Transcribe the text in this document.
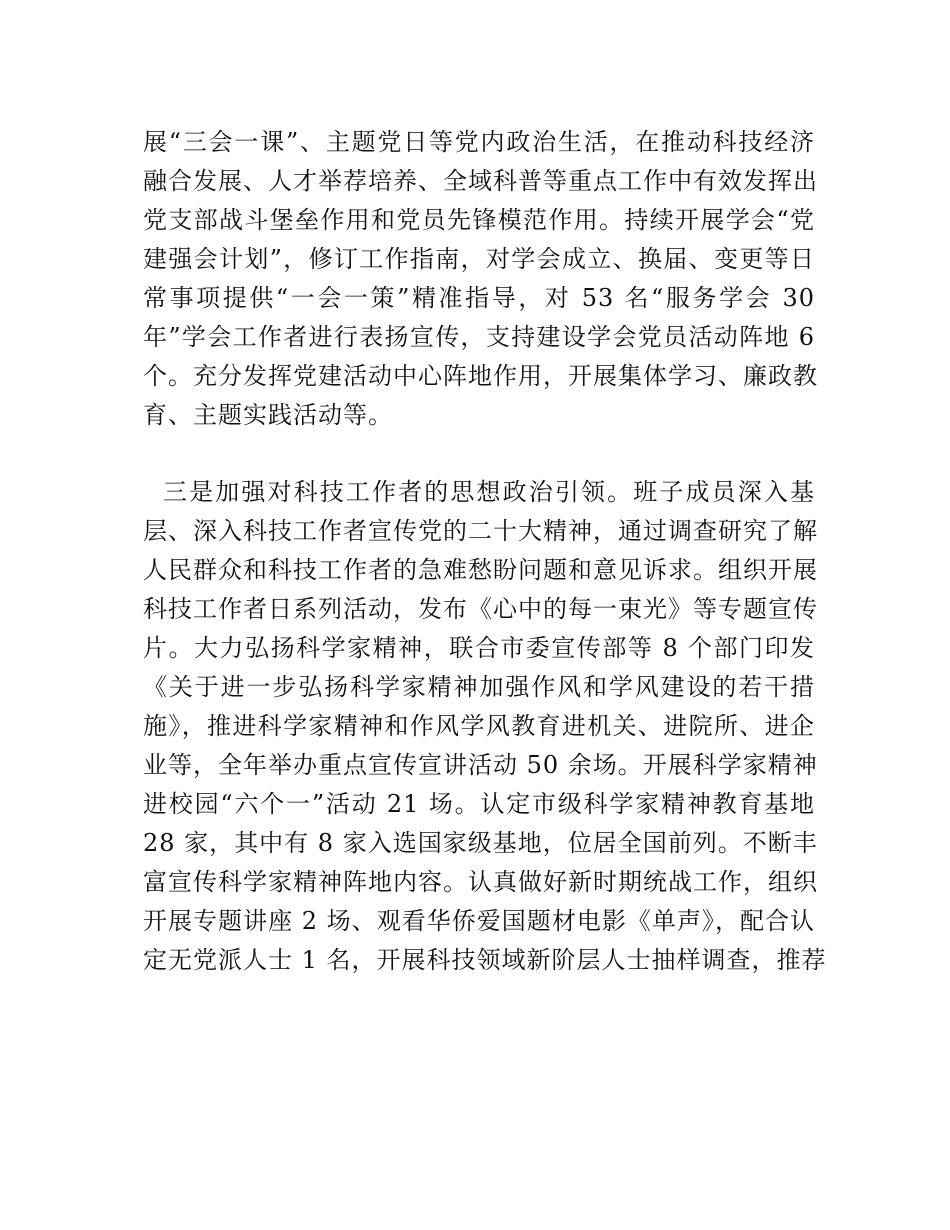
展“三会一课”、主题党日等党内政治生活，在推动科技经济
融合发展、人才举荐培养、全域科普等重点工作中有效发挥出
党支部战斗堡垒作用和党员先锋模范作用。持续开展学会“党
建强会计划”，修订工作指南，对学会成立、换届、变更等日
常事项提供“一会一策”精准指导，对 53 名“服务学会 30
年”学会工作者进行表扬宣传，支持建设学会党员活动阵地 6
个。充分发挥党建活动中心阵地作用，开展集体学习、廉政教
育、主题实践活动等。
三是加强对科技工作者的思想政治引领。班子成员深入基
层、深入科技工作者宣传党的二十大精神，通过调查研究了解
人民群众和科技工作者的急难愁盼问题和意见诉求。组织开展
科技工作者日系列活动，发布《心中的每一束光》等专题宣传
片。大力弘扬科学家精神，联合市委宣传部等 8 个部门印发
《关于进一步弘扬科学家精神加强作风和学风建设的若干措
施》，推进科学家精神和作风学风教育进机关、进院所、进企
业等，全年举办重点宣传宣讲活动 50 余场。开展科学家精神
进校园“六个一”活动 21 场。认定市级科学家精神教育基地
28 家，其中有 8 家入选国家级基地，位居全国前列。不断丰
富宣传科学家精神阵地内容。认真做好新时期统战工作，组织
开展专题讲座 2 场、观看华侨爱国题材电影《单声》，配合认
定无党派人士 1 名，开展科技领域新阶层人士抽样调查，推荐
